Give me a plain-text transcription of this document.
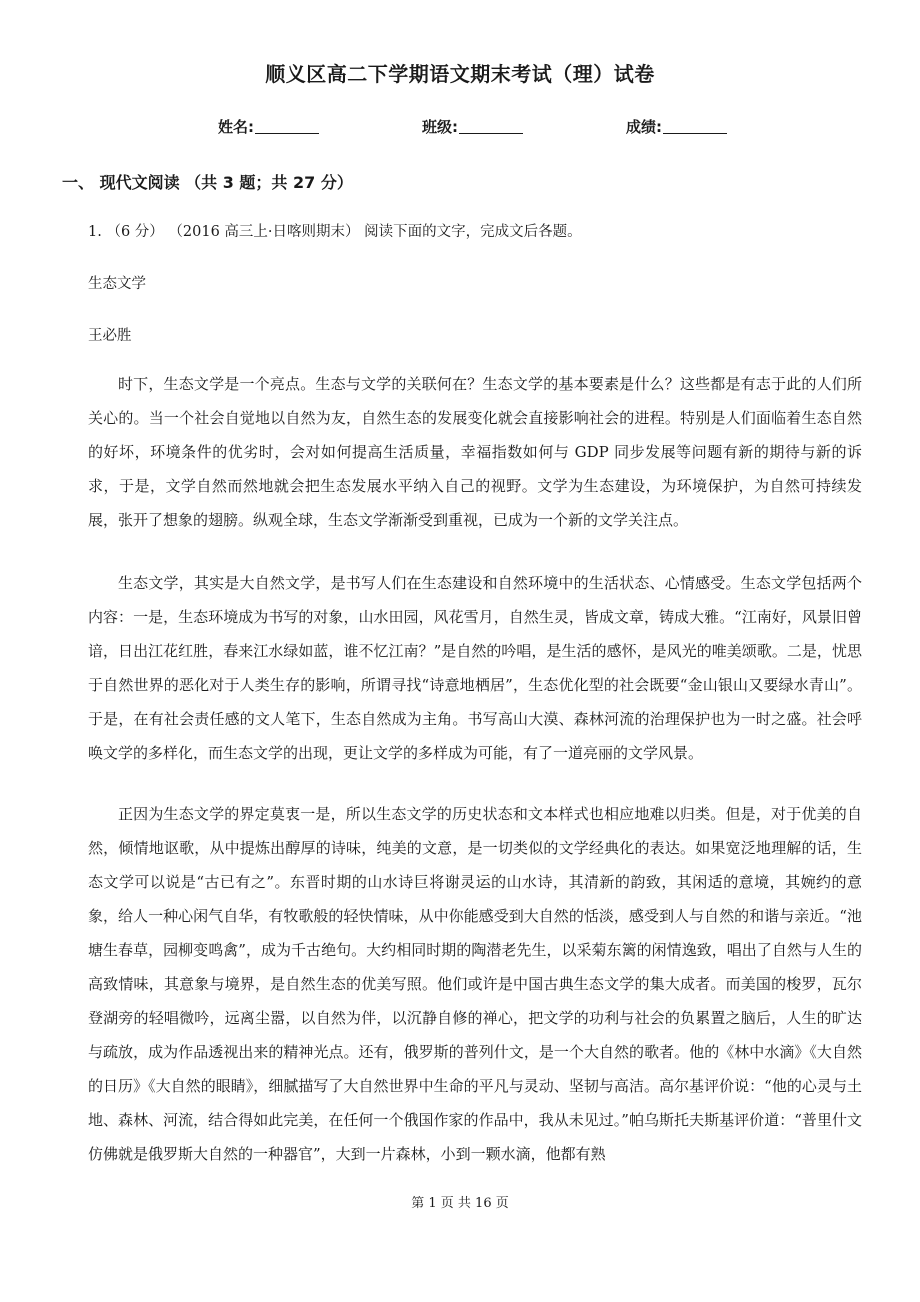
顺义区高二下学期语文期末考试（理）试卷
姓名:	班级:	成绩:
一、 现代文阅读 （共 3 题；共 27 分）
1. （6 分） （2016 高三上·日喀则期末） 阅读下面的文字，完成文后各题。
生态文学
王必胜
时下，生态文学是一个亮点。生态与文学的关联何在？生态文学的基本要素是什么？这些都是有志于此的人们所关心的。当一个社会自觉地以自然为友，自然生态的发展变化就会直接影响社会的进程。特别是人们面临着生态自然的好坏，环境条件的优劣时，会对如何提高生活质量，幸福指数如何与 GDP 同步发展等问题有新的期待与新的诉求，于是，文学自然而然地就会把生态发展水平纳入自己的视野。文学为生态建设，为环境保护，为自然可持续发展，张开了想象的翅膀。纵观全球，生态文学渐渐受到重视，已成为一个新的文学关注点。
生态文学，其实是大自然文学，是书写人们在生态建设和自然环境中的生活状态、心情感受。生态文学包括两个内容：一是，生态环境成为书写的对象，山水田园，风花雪月，自然生灵，皆成文章，铸成大雅。“江南好，风景旧曾谙，日出江花红胜，春来江水绿如蓝，谁不忆江南？”是自然的吟唱，是生活的感怀，是风光的唯美颂歌。二是，忧思于自然世界的恶化对于人类生存的影响，所谓寻找“诗意地栖居”，生态优化型的社会既要“金山银山又要绿水青山”。于是，在有社会责任感的文人笔下，生态自然成为主角。书写高山大漠、森林河流的治理保护也为一时之盛。社会呼唤文学的多样化，而生态文学的出现，更让文学的多样成为可能，有了一道亮丽的文学风景。
正因为生态文学的界定莫衷一是，所以生态文学的历史状态和文本样式也相应地难以归类。但是，对于优美的自然，倾情地讴歌，从中提炼出醇厚的诗味，纯美的文意，是一切类似的文学经典化的表达。如果宽泛地理解的话，生态文学可以说是“古已有之”。东晋时期的山水诗巨将谢灵运的山水诗，其清新的韵致，其闲适的意境，其婉约的意象，给人一种心闲气自华，有牧歌般的轻快情味，从中你能感受到大自然的恬淡，感受到人与自然的和谐与亲近。“池塘生春草，园柳变鸣禽”，成为千古绝句。大约相同时期的陶潜老先生，以采菊东篱的闲情逸致，唱出了自然与人生的高致情味，其意象与境界，是自然生态的优美写照。他们或许是中国古典生态文学的集大成者。而美国的梭罗，瓦尔登湖旁的轻唱微吟，远离尘嚣，以自然为伴，以沉静自修的禅心，把文学的功利与社会的负累置之脑后，人生的旷达与疏放，成为作品透视出来的精神光点。还有，俄罗斯的普列什文，是一个大自然的歌者。他的《林中水滴》《大自然的日历》《大自然的眼睛》，细腻描写了大自然世界中生命的平凡与灵动、坚韧与高洁。高尔基评价说：“他的心灵与土地、森林、河流，结合得如此完美，在任何一个俄国作家的作品中，我从未见过。”帕乌斯托夫斯基评价道：“普里什文仿佛就是俄罗斯大自然的一种器官”，大到一片森林，小到一颗水滴，他都有熟
第 1 页 共 16 页
